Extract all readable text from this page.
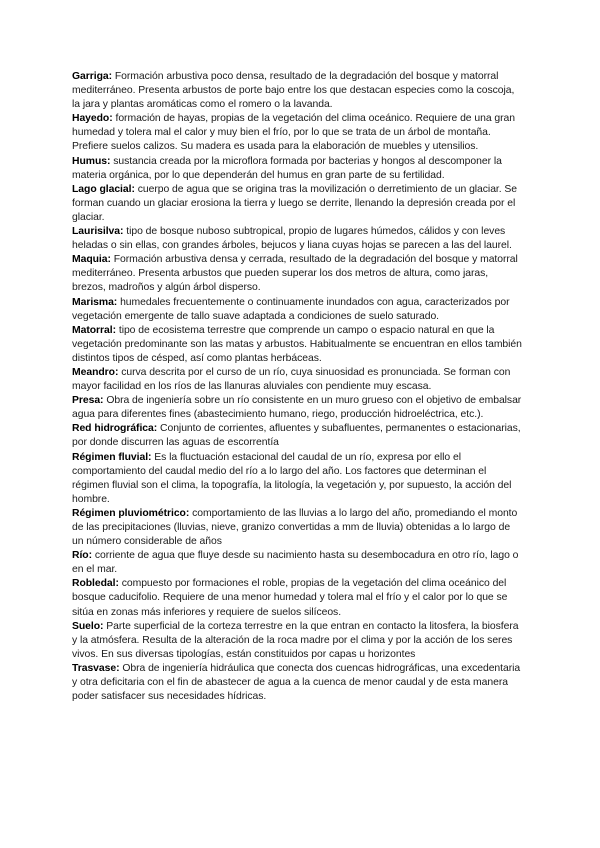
Garriga: Formación arbustiva poco densa, resultado de la degradación del bosque y matorral mediterráneo. Presenta arbustos de porte bajo entre los que destacan especies como la coscoja, la jara y plantas aromáticas como el romero o la lavanda.

Hayedo: formación de hayas, propias de la vegetación del clima oceánico. Requiere de una gran humedad y tolera mal el calor y muy bien el frío, por lo que se trata de un árbol de montaña. Prefiere suelos calizos. Su madera es usada para la elaboración de muebles y utensilios.

Humus: sustancia creada por la microflora formada por bacterias y hongos al descomponer la materia orgánica, por lo que dependerán del humus en gran parte de su fertilidad.

Lago glacial: cuerpo de agua que se origina tras la movilización o derretimiento de un glaciar. Se forman cuando un glaciar erosiona la tierra y luego se derrite, llenando la depresión creada por el glaciar.

Laurisilva: tipo de bosque nuboso subtropical, propio de lugares húmedos, cálidos y con leves heladas o sin ellas, con grandes árboles, bejucos y liana cuyas hojas se parecen a las del laurel.

Maquia: Formación arbustiva densa y cerrada, resultado de la degradación del bosque y matorral mediterráneo. Presenta arbustos que pueden superar los dos metros de altura, como jaras, brezos, madroños y algún árbol disperso.

Marisma: humedales frecuentemente o continuamente inundados con agua, caracterizados por vegetación emergente de tallo suave adaptada a condiciones de suelo saturado.

Matorral: tipo de ecosistema terrestre que comprende un campo o espacio natural en que la vegetación predominante son las matas y arbustos. Habitualmente se encuentran en ellos también distintos tipos de césped, así como plantas herbáceas.

Meandro: curva descrita por el curso de un río, cuya sinuosidad es pronunciada. Se forman con mayor facilidad en los ríos de las llanuras aluviales con pendiente muy escasa.

Presa: Obra de ingeniería sobre un río consistente en un muro grueso con el objetivo de embalsar agua para diferentes fines (abastecimiento humano, riego, producción hidroeléctrica, etc.).

Red hidrográfica: Conjunto de corrientes, afluentes y subafluentes, permanentes o estacionarias, por donde discurren las aguas de escorrentía

Régimen fluvial: Es la fluctuación estacional del caudal de un río, expresa por ello el comportamiento del caudal medio del río a lo largo del año. Los factores que determinan el régimen fluvial son el clima, la topografía, la litología, la vegetación y, por supuesto, la acción del hombre.

Régimen pluviométrico: comportamiento de las lluvias a lo largo del año, promediando el monto de las precipitaciones (lluvias, nieve, granizo convertidas a mm de lluvia) obtenidas a lo largo de un número considerable de años

Río: corriente de agua que fluye desde su nacimiento hasta su desembocadura en otro río, lago o en el mar.

Robledal: compuesto por formaciones el roble, propias de la vegetación del clima oceánico del bosque caducifolio. Requiere de una menor humedad y tolera mal el frío y el calor por lo que se sitúa en zonas más inferiores y requiere de suelos silíceos.

Suelo: Parte superficial de la corteza terrestre en la que entran en contacto la litosfera, la biosfera y la atmósfera. Resulta de la alteración de la roca madre por el clima y por la acción de los seres vivos. En sus diversas tipologías, están constituidos por capas u horizontes

Trasvase: Obra de ingeniería hidráulica que conecta dos cuencas hidrográficas, una excedentaria y otra deficitaria con el fin de abastecer de agua a la cuenca de menor caudal y de esta manera poder satisfacer sus necesidades hídricas.
